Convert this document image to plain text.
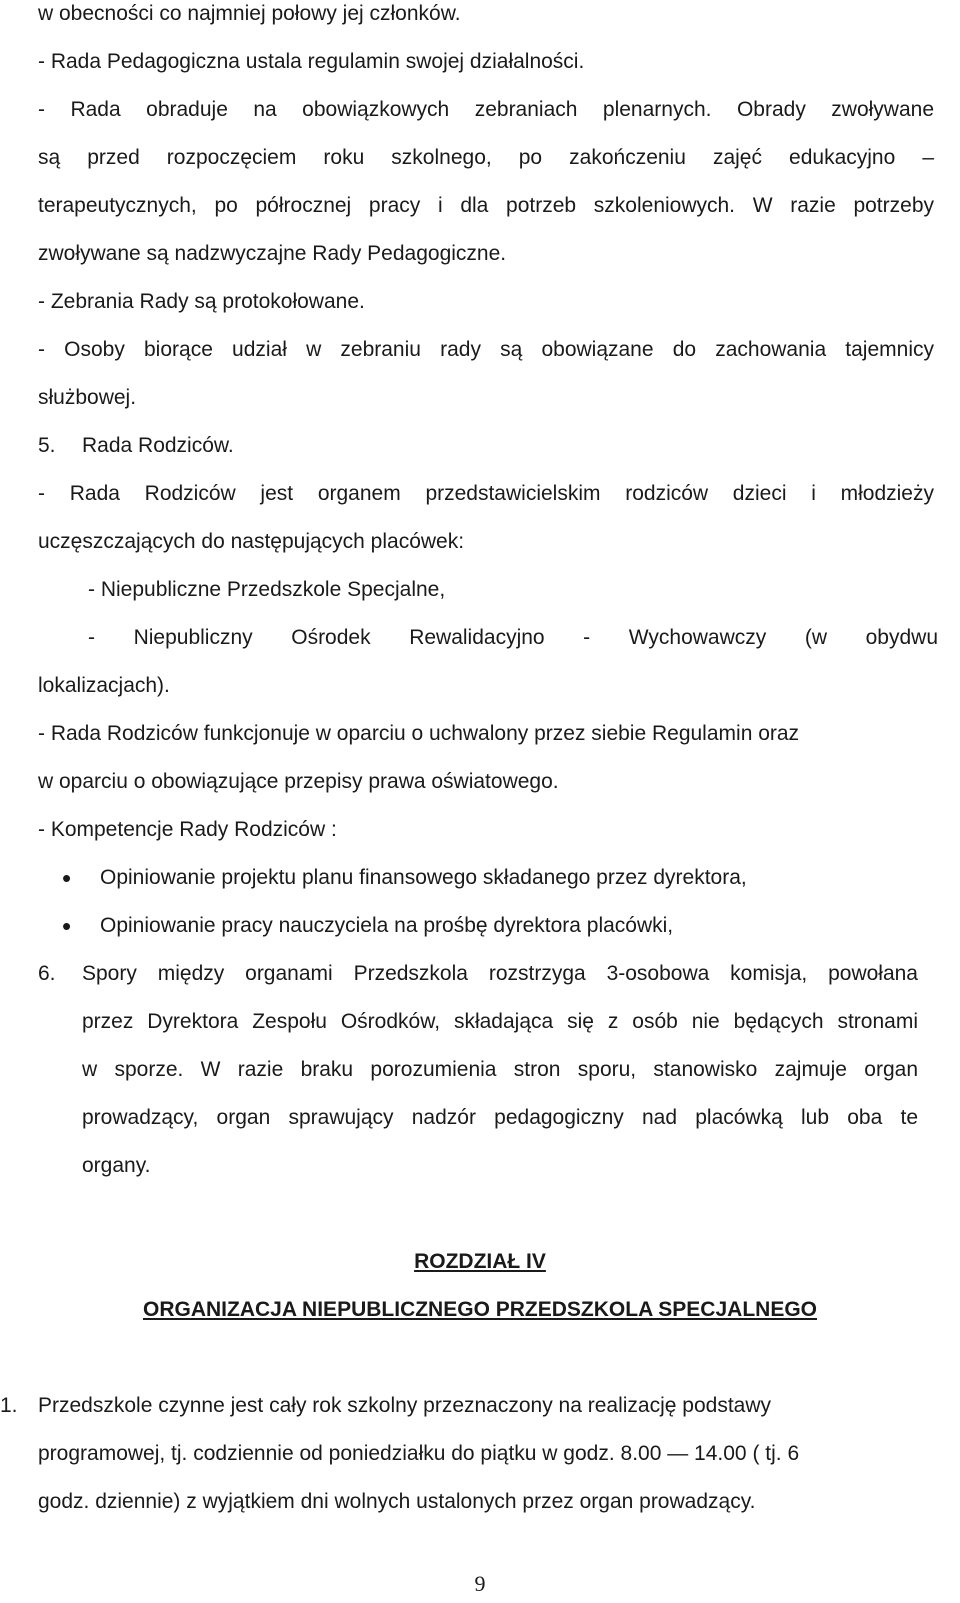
w obecności co najmniej połowy jej członków.
- Rada Pedagogiczna ustala regulamin swojej działalności.
- Rada obraduje na obowiązkowych zebraniach plenarnych. Obrady zwoływane
są przed rozpoczęciem roku szkolnego, po zakończeniu zajęć edukacyjno –
terapeutycznych, po półrocznej pracy i dla potrzeb szkoleniowych. W razie potrzeby
zwoływane są nadzwyczajne Rady Pedagogiczne.
- Zebrania Rady są protokołowane.
- Osoby biorące udział w zebraniu rady są obowiązane do zachowania tajemnicy
służbowej.
5. Rada Rodziców.
- Rada Rodziców jest organem przedstawicielskim rodziców dzieci i młodzieży
uczęszczających do następujących placówek:
- Niepubliczne Przedszkole Specjalne,
- Niepubliczny Ośrodek Rewalidacyjno - Wychowawczy (w obydwu
lokalizacjach).
- Rada Rodziców funkcjonuje w oparciu o uchwalony przez siebie Regulamin oraz
w oparciu o obowiązujące przepisy prawa oświatowego.
- Kompetencje Rady Rodziców :
• Opiniowanie projektu planu finansowego składanego przez dyrektora,
• Opiniowanie pracy nauczyciela na prośbę dyrektora placówki,
6. Spory między organami Przedszkola rozstrzyga 3-osobowa komisja, powołana
przez Dyrektora Zespołu Ośrodków, składająca się z osób nie będących stronami
w sporze. W razie braku porozumienia stron sporu, stanowisko zajmuje organ
prowadzący, organ sprawujący nadzór pedagogiczny nad placówką lub oba te
organy.
ROZDZIAŁ IV
ORGANIZACJA NIEPUBLICZNEGO PRZEDSZKOLA SPECJALNEGO
1. Przedszkole czynne jest cały rok szkolny przeznaczony na realizację podstawy
programowej, tj. codziennie od poniedziałku do piątku w godz. 8.00 — 14.00 ( tj. 6
godz. dziennie) z wyjątkiem dni wolnych ustalonych przez organ prowadzący.
9
